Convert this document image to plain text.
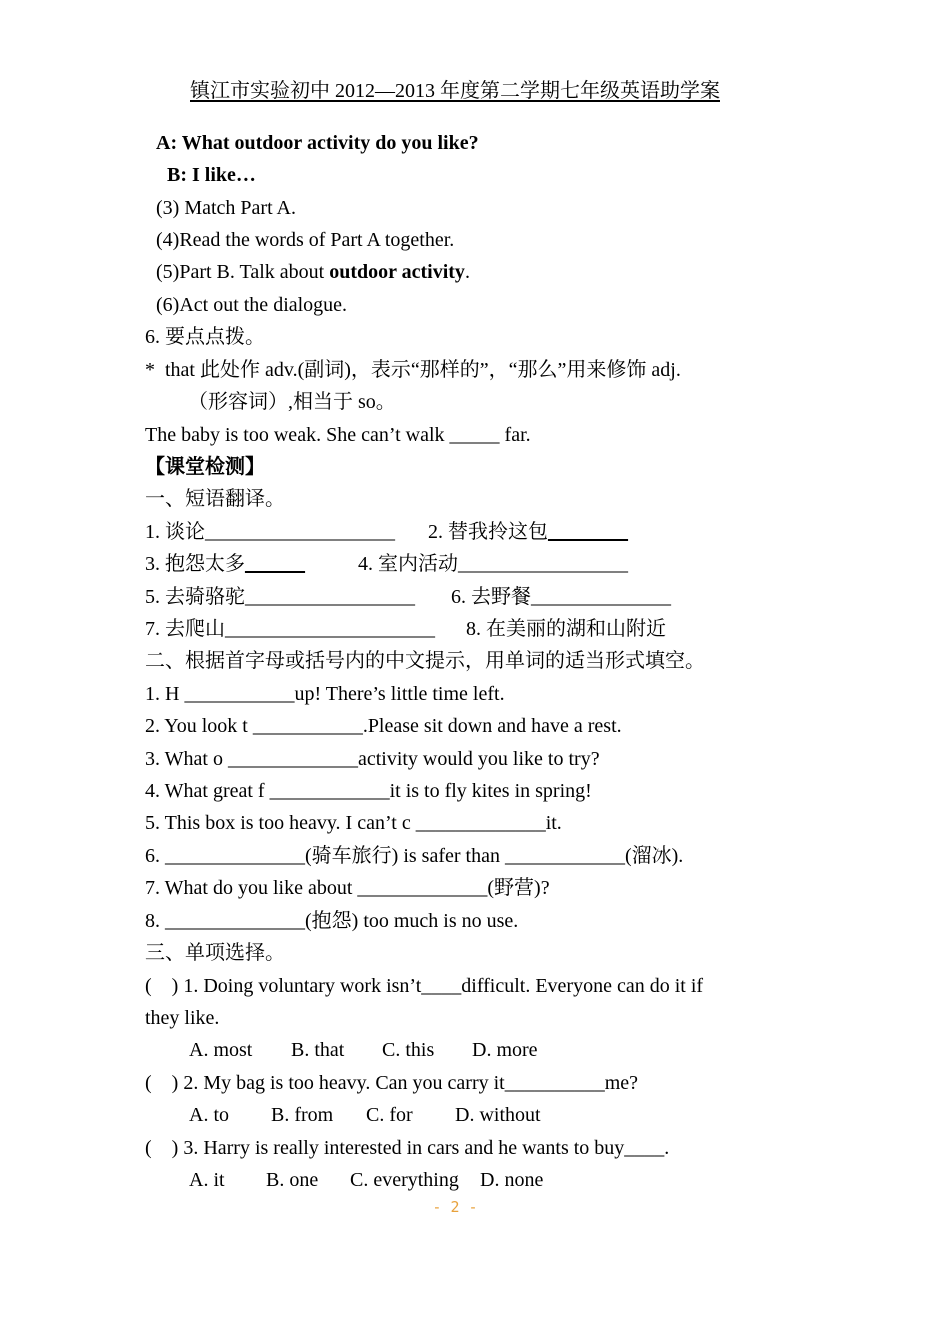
镇江市实验初中 2012—2013 年度第二学期七年级英语助学案
A: What outdoor activity do you like?
B: I like…
(3) Match Part A.
(4)Read the words of Part A together.
(5)Part B. Talk about outdoor activity.
(6)Act out the dialogue.
6. 要点点拨。
*  that 此处作 adv.(副词)，表示“那样的”，“那么”用来修饰 adj.
（形容词）,相当于 so。
The baby is too weak. She can’t walk _____ far.
【课堂检测】
一、短语翻译。
1. 谈论___________________ 2. 替我拎这包________
3. 抱怨太多______	4. 室内活动_________________
5. 去骑骆驼_________________ 6. 去野餐______________
7. 去爬山_____________________ 8. 在美丽的湖和山附近
二、根据首字母或括号内的中文提示，用单词的适当形式填空。
1. H ___________up! There’s little time left.
2. You look t ___________.Please sit down and have a rest.
3. What o _____________activity would you like to try?
4. What great f ____________it is to fly kites in spring!
5. This box is too heavy. I can’t c _____________it.
6. ______________(骑车旅行) is safer than ____________(溜冰).
7. What do you like about _____________(野营)?
8. ______________(抱怨) too much is no use.
三、单项选择。
(    ) 1. Doing voluntary work isn’t____difficult. Everyone can do it if
they like.
A. most B. that C. this D. more
(    ) 2. My bag is too heavy. Can you carry it__________me?
A. to B. from C. for D. without
(    ) 3. Harry is really interested in cars and he wants to buy____.
A. it B. one C. everything D. none
- 2 -
